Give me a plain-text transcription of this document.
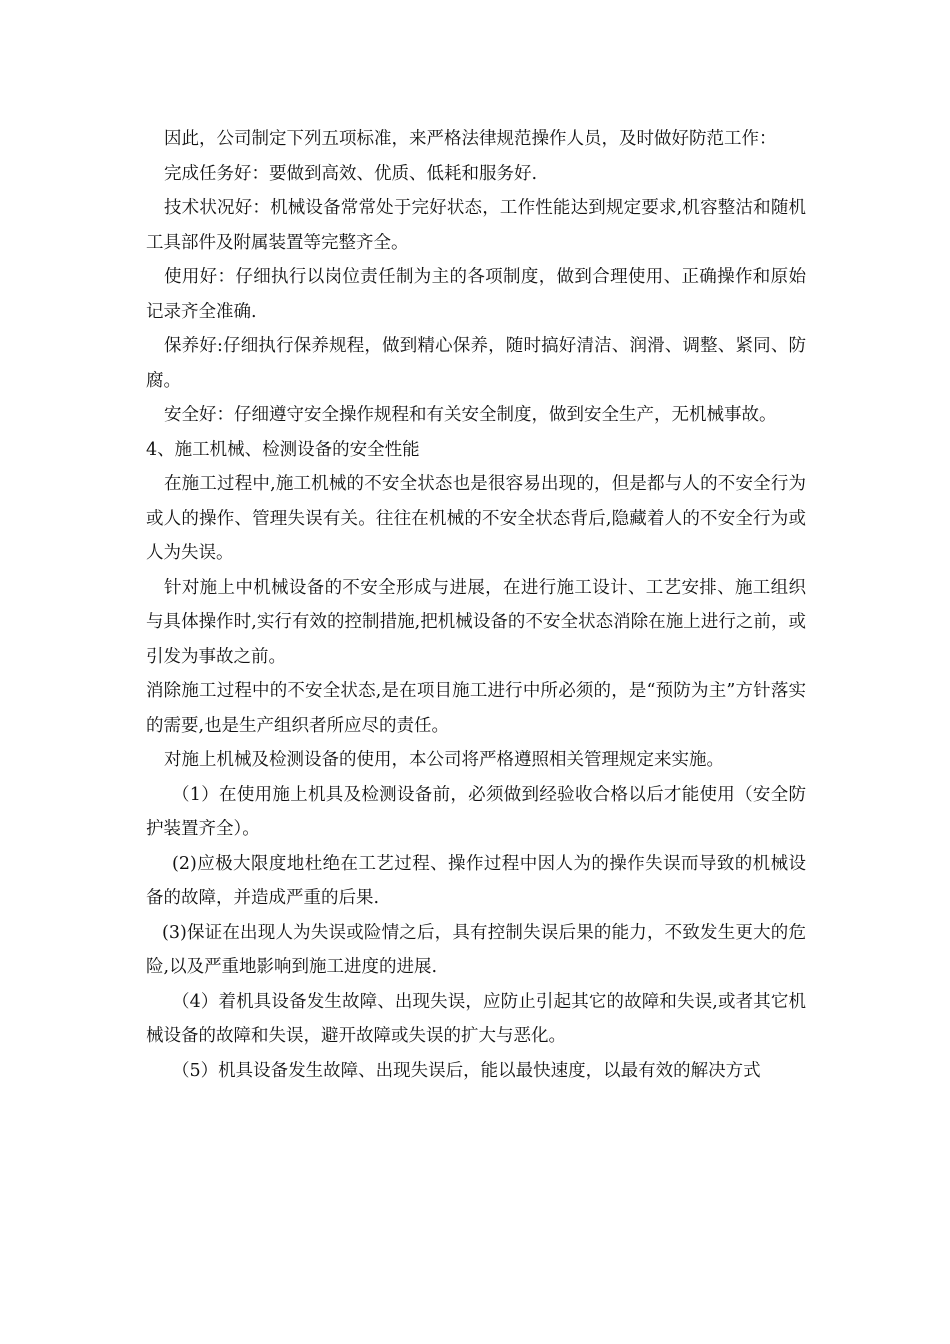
因此，公司制定下列五项标准，来严格法律规范操作人员，及时做好防范工作：

完成任务好：要做到高效、优质、低耗和服务好.

技术状况好：机械设备常常处于完好状态，工作性能达到规定要求,机容整沽和随机工具部件及附属装置等完整齐全。

使用好：仔细执行以岗位责任制为主的各项制度，做到合理使用、正确操作和原始记录齐全准确.

保养好:仔细执行保养规程，做到精心保养，随时搞好清洁、润滑、调整、紧同、防腐。

安全好：仔细遵守安全操作规程和有关安全制度，做到安全生产，无机械事故。

4、施工机械、检测设备的安全性能

在施工过程中,施工机械的不安全状态也是很容易出现的，但是都与人的不安全行为或人的操作、管理失误有关。往往在机械的不安全状态背后,隐藏着人的不安全行为或人为失误。

针对施上中机械设备的不安全形成与进展，在进行施工设计、工艺安排、施工组织与具体操作时,实行有效的控制措施,把机械设备的不安全状态消除在施上进行之前，或引发为事故之前。

消除施工过程中的不安全状态,是在项目施工进行中所必须的，是“预防为主”方针落实的需要,也是生产组织者所应尽的责任。

对施上机械及检测设备的使用，本公司将严格遵照相关管理规定来实施。

（1）在使用施上机具及检测设备前，必须做到经验收合格以后才能使用（安全防护装置齐全）。

(2)应极大限度地杜绝在工艺过程、操作过程中因人为的操作失误而导致的机械设备的故障，并造成严重的后果.

(3)保证在出现人为失误或险情之后，具有控制失误后果的能力，不致发生更大的危险,以及严重地影响到施工进度的进展.

（4）着机具设备发生故障、出现失误，应防止引起其它的故障和失误,或者其它机械设备的故障和失误，避开故障或失误的扩大与恶化。

（5）机具设备发生故障、出现失误后，能以最快速度，以最有效的解决方式
